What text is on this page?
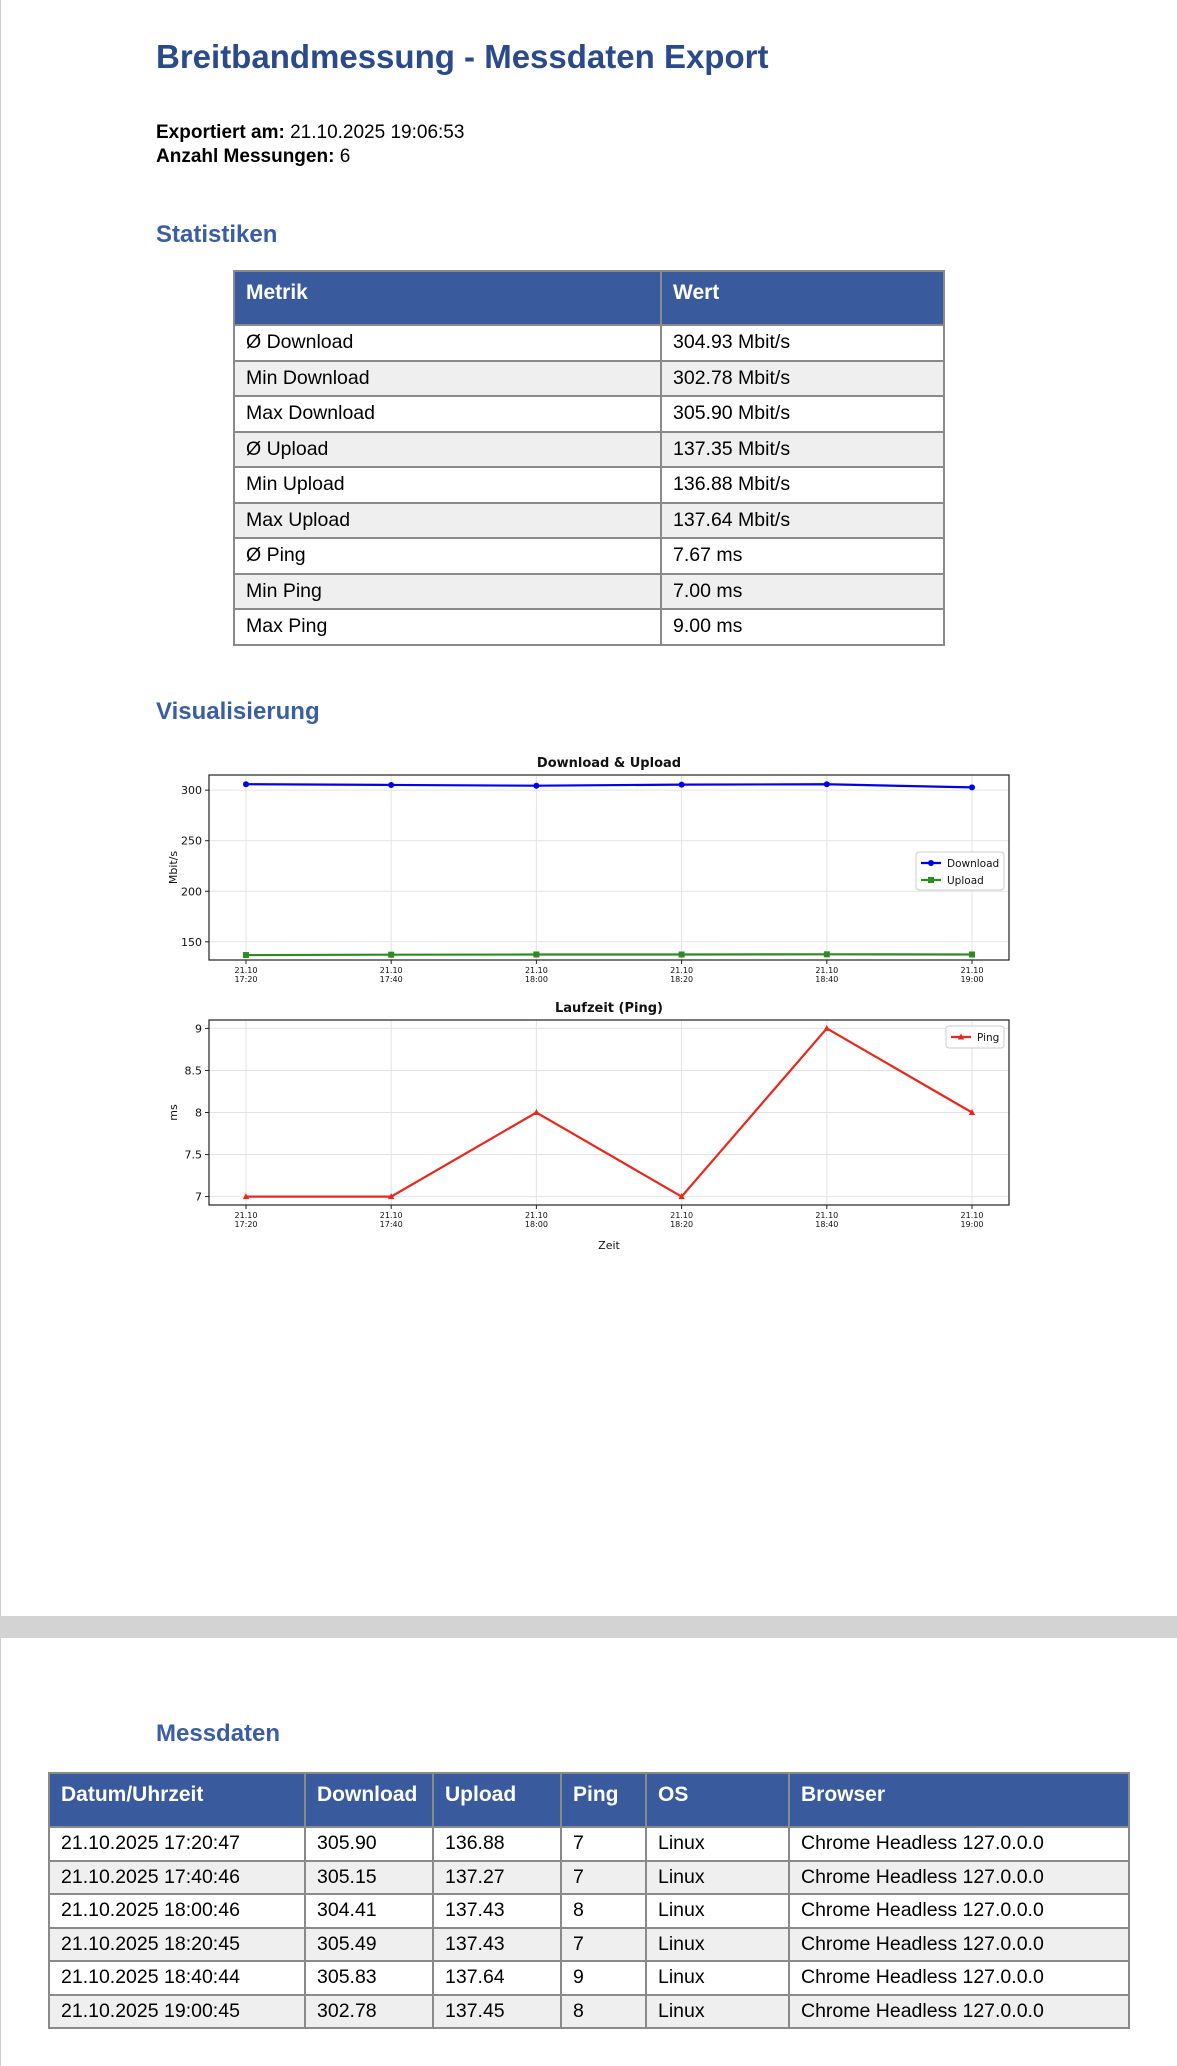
Breitbandmessung - Messdaten Export
Exportiert am: 21.10.2025 19:06:53
Anzahl Messungen: 6
Statistiken
Metrik	Wert
Ø Download	304.93 Mbit/s
Min Download	302.78 Mbit/s
Max Download	305.90 Mbit/s
Ø Upload	137.35 Mbit/s
Min Upload	136.88 Mbit/s
Max Upload	137.64 Mbit/s
Ø Ping	7.67 ms
Min Ping	7.00 ms
Max Ping	9.00 ms
Visualisierung
Download & Upload
Mbit/s
150
200
250
300
21.10 17:20
21.10 17:40
21.10 18:00
21.10 18:20
21.10 18:40
21.10 19:00
Download
Upload
Laufzeit (Ping)
ms
Zeit
7
7.5
8
8.5
9
21.10 17:20
21.10 17:40
21.10 18:00
21.10 18:20
21.10 18:40
21.10 19:00
Ping
Messdaten
Datum/Uhrzeit	Download	Upload	Ping	OS	Browser
21.10.2025 17:20:47	305.90	136.88	7	Linux	Chrome Headless 127.0.0.0
21.10.2025 17:40:46	305.15	137.27	7	Linux	Chrome Headless 127.0.0.0
21.10.2025 18:00:46	304.41	137.43	8	Linux	Chrome Headless 127.0.0.0
21.10.2025 18:20:45	305.49	137.43	7	Linux	Chrome Headless 127.0.0.0
21.10.2025 18:40:44	305.83	137.64	9	Linux	Chrome Headless 127.0.0.0
21.10.2025 19:00:45	302.78	137.45	8	Linux	Chrome Headless 127.0.0.0
